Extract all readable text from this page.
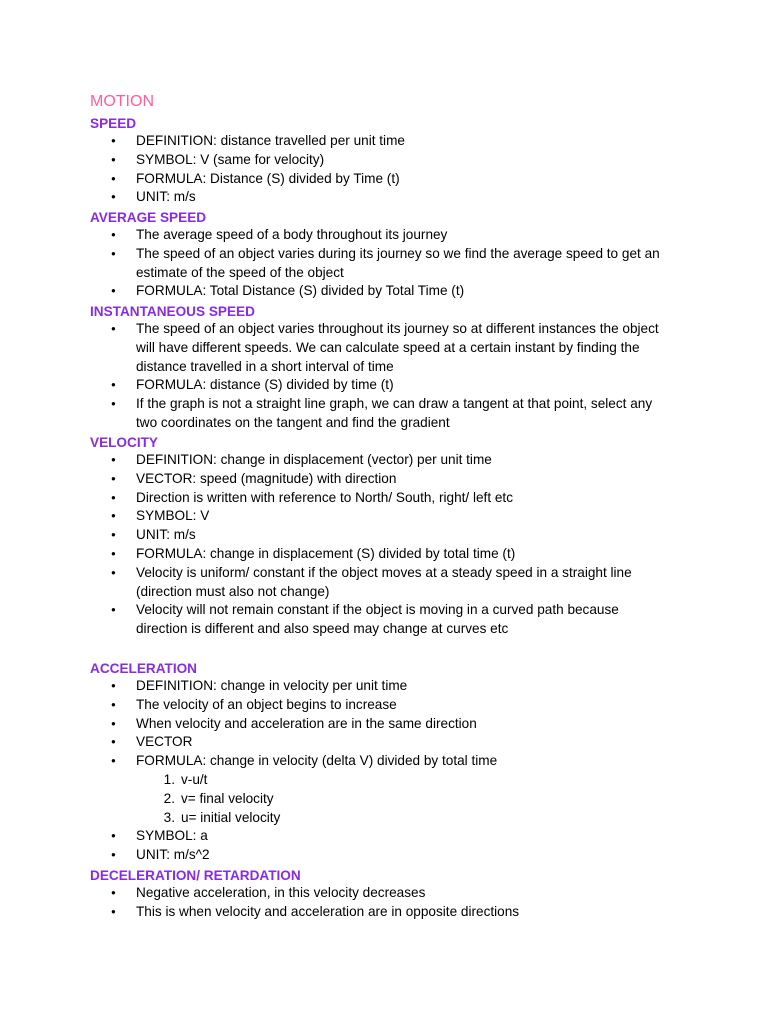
MOTION
SPEED
● DEFINITION: distance travelled per unit time
● SYMBOL: V (same for velocity)
● FORMULA: Distance (S) divided by Time (t)
● UNIT: m/s
AVERAGE SPEED
● The average speed of a body throughout its journey
● The speed of an object varies during its journey so we find the average speed to get an
estimate of the speed of the object
● FORMULA: Total Distance (S) divided by Total Time (t)
INSTANTANEOUS SPEED
● The speed of an object varies throughout its journey so at different instances the object
will have different speeds. We can calculate speed at a certain instant by finding the
distance travelled in a short interval of time
● FORMULA: distance (S) divided by time (t)
● If the graph is not a straight line graph, we can draw a tangent at that point, select any
two coordinates on the tangent and find the gradient
VELOCITY
● DEFINITION: change in displacement (vector) per unit time
● VECTOR: speed (magnitude) with direction
● Direction is written with reference to North/ South, right/ left etc
● SYMBOL: V
● UNIT: m/s
● FORMULA: change in displacement (S) divided by total time (t)
● Velocity is uniform/ constant if the object moves at a steady speed in a straight line
(direction must also not change)
● Velocity will not remain constant if the object is moving in a curved path because
direction is different and also speed may change at curves etc
ACCELERATION
● DEFINITION: change in velocity per unit time
● The velocity of an object begins to increase
● When velocity and acceleration are in the same direction
● VECTOR
● FORMULA: change in velocity (delta V) divided by total time
1. v-u/t
2. v= final velocity
3. u= initial velocity
● SYMBOL: a
● UNIT: m/s^2
DECELERATION/ RETARDATION
● Negative acceleration, in this velocity decreases
● This is when velocity and acceleration are in opposite directions
